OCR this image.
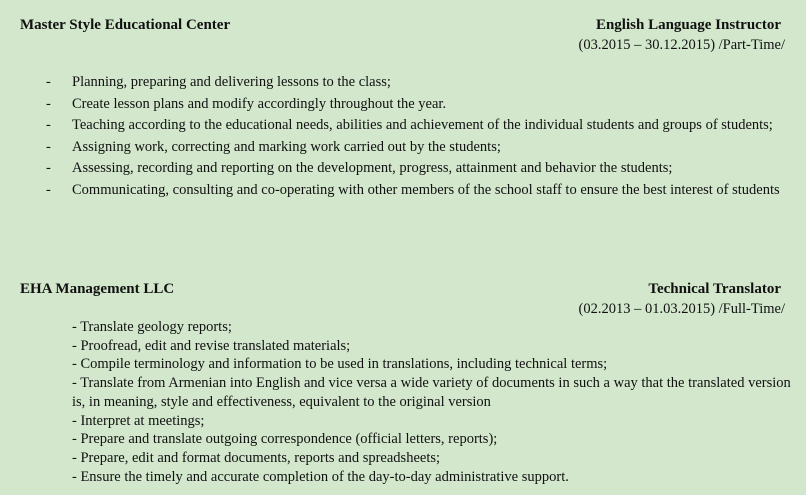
Master Style Educational Center	English Language Instructor
(03.2015 – 30.12.2015) /Part-Time/
- Planning, preparing and delivering lessons to the class;
- Create lesson plans and modify accordingly throughout the year.
- Teaching according to the educational needs, abilities and achievement of the individual students and groups of students;
- Assigning work, correcting and marking work carried out by the students;
- Assessing, recording and reporting on the development, progress, attainment and behavior the students;
- Communicating, consulting and co-operating with other members of the school staff to ensure the best interest of students
EHA Management LLC	Technical Translator
(02.2013 – 01.03.2015) /Full-Time/
- Translate geology reports;
- Proofread, edit and revise translated materials;
- Compile terminology and information to be used in translations, including technical terms;
- Translate from Armenian into English and vice versa a wide variety of documents in such a way that the translated version is, in meaning, style and effectiveness, equivalent to the original version
- Interpret at meetings;
- Prepare and translate outgoing correspondence (official letters, reports);
- Prepare, edit and format documents, reports and spreadsheets;
- Ensure the timely and accurate completion of the day-to-day administrative support.
